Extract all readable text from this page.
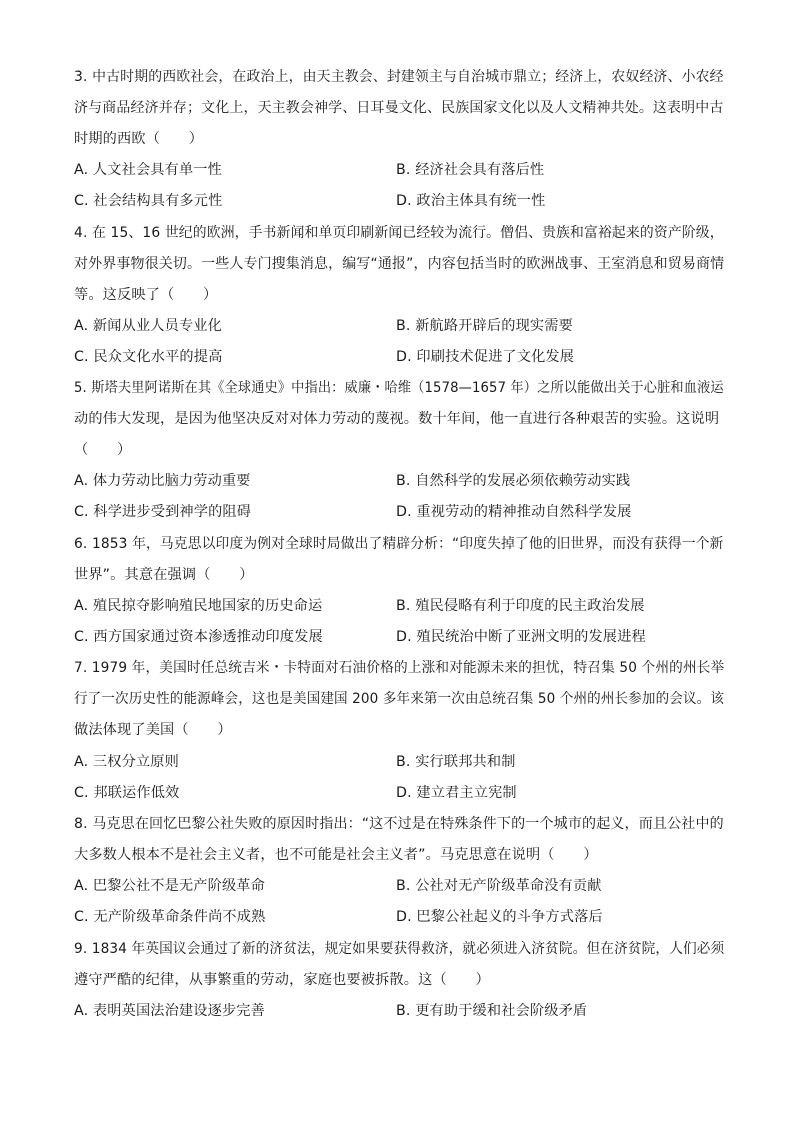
3. 中古时期的西欧社会，在政治上，由天主教会、封建领主与自治城市鼎立；经济上，农奴经济、小农经
济与商品经济并存；文化上，天主教会神学、日耳曼文化、民族国家文化以及人文精神共处。这表明中古
时期的西欧（　　）
A. 人文社会具有单一性	B. 经济社会具有落后性
C. 社会结构具有多元性	D. 政治主体具有统一性
4. 在 15、16 世纪的欧洲，手书新闻和单页印刷新闻已经较为流行。僧侣、贵族和富裕起来的资产阶级，
对外界事物很关切。一些人专门搜集消息，编写“通报”，内容包括当时的欧洲战事、王室消息和贸易商情
等。这反映了（　　）
A. 新闻从业人员专业化	B. 新航路开辟后的现实需要
C. 民众文化水平的提高	D. 印刷技术促进了文化发展
5. 斯塔夫里阿诺斯在其《全球通史》中指出：威廉・哈维（1578—1657 年）之所以能做出关于心脏和血液运
动的伟大发现，是因为他坚决反对对体力劳动的蔑视。数十年间，他一直进行各种艰苦的实验。这说明
（　　）
A. 体力劳动比脑力劳动重要	B. 自然科学的发展必须依赖劳动实践
C. 科学进步受到神学的阻碍	D. 重视劳动的精神推动自然科学发展
6. 1853 年，马克思以印度为例对全球时局做出了精辟分析：“印度失掉了他的旧世界，而没有获得一个新
世界”。其意在强调（　　）
A. 殖民掠夺影响殖民地国家的历史命运	B. 殖民侵略有利于印度的民主政治发展
C. 西方国家通过资本渗透推动印度发展	D. 殖民统治中断了亚洲文明的发展进程
7. 1979 年，美国时任总统吉米・卡特面对石油价格的上涨和对能源未来的担忧，特召集 50 个州的州长举
行了一次历史性的能源峰会，这也是美国建国 200 多年来第一次由总统召集 50 个州的州长参加的会议。该
做法体现了美国（　　）
A. 三权分立原则	B. 实行联邦共和制
C. 邦联运作低效	D. 建立君主立宪制
8. 马克思在回忆巴黎公社失败的原因时指出：“这不过是在特殊条件下的一个城市的起义，而且公社中的
大多数人根本不是社会主义者，也不可能是社会主义者”。马克思意在说明（　　）
A. 巴黎公社不是无产阶级革命	B. 公社对无产阶级革命没有贡献
C. 无产阶级革命条件尚不成熟	D. 巴黎公社起义的斗争方式落后
9. 1834 年英国议会通过了新的济贫法，规定如果要获得救济，就必须进入济贫院。但在济贫院，人们必须
遵守严酷的纪律，从事繁重的劳动，家庭也要被拆散。这（　　）
A. 表明英国法治建设逐步完善	B. 更有助于缓和社会阶级矛盾
